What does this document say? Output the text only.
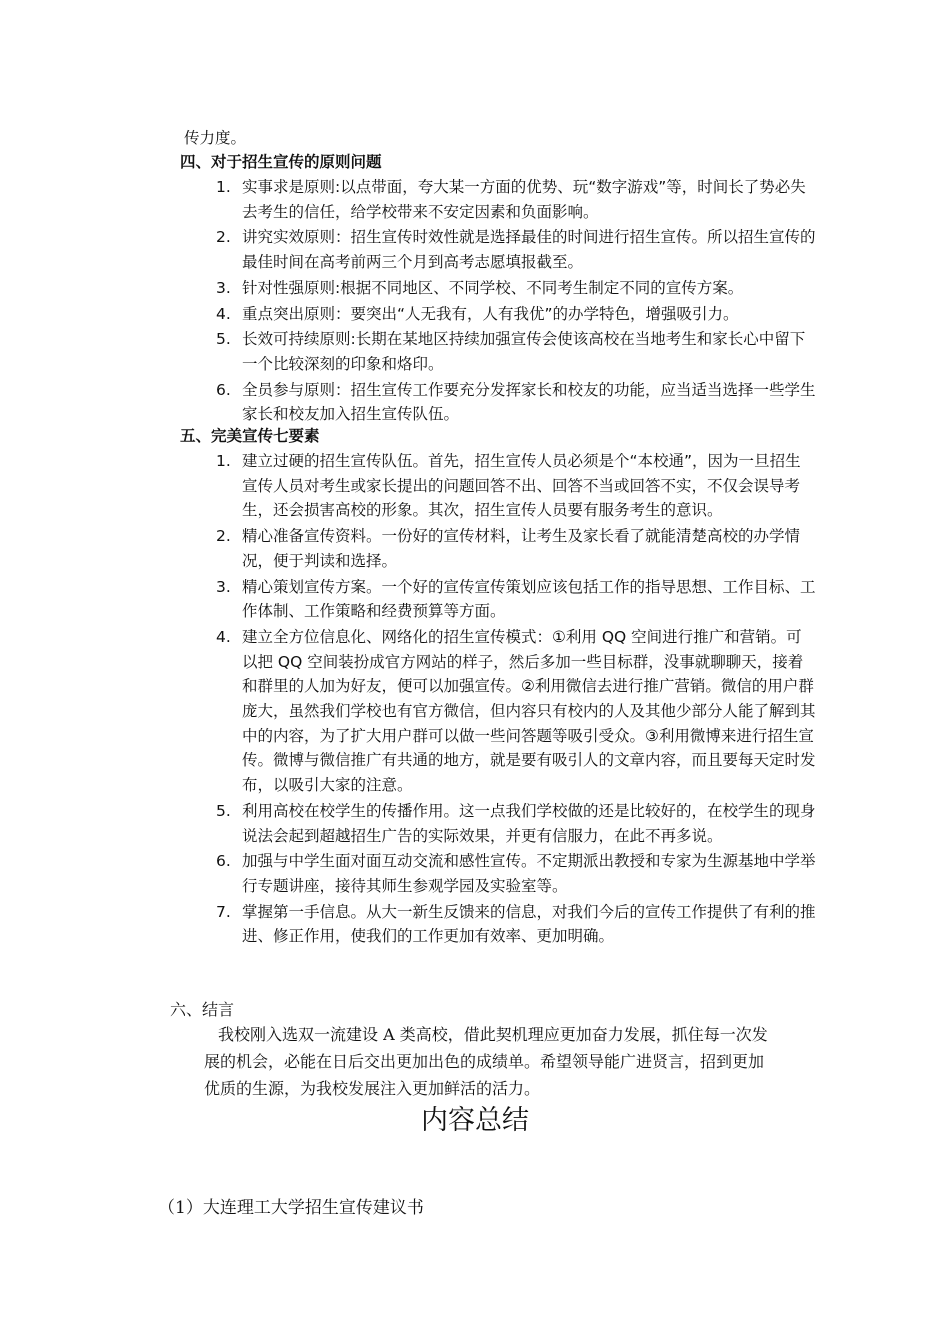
传力度。
四、对于招生宣传的原则问题
1. 实事求是原则:以点带面，夸大某一方面的优势、玩“数字游戏”等，时间长了势必失去考生的信任，给学校带来不安定因素和负面影响。
2. 讲究实效原则：招生宣传时效性就是选择最佳的时间进行招生宣传。所以招生宣传的最佳时间在高考前两三个月到高考志愿填报截至。
3. 针对性强原则:根据不同地区、不同学校、不同考生制定不同的宣传方案。
4. 重点突出原则：要突出“人无我有，人有我优”的办学特色，增强吸引力。
5. 长效可持续原则:长期在某地区持续加强宣传会使该高校在当地考生和家长心中留下一个比较深刻的印象和烙印。
6. 全员参与原则：招生宣传工作要充分发挥家长和校友的功能，应当适当选择一些学生家长和校友加入招生宣传队伍。
五、完美宣传七要素
1. 建立过硬的招生宣传队伍。首先，招生宣传人员必须是个“本校通”，因为一旦招生宣传人员对考生或家长提出的问题回答不出、回答不当或回答不实，不仅会误导考生，还会损害高校的形象。其次，招生宣传人员要有服务考生的意识。
2. 精心准备宣传资料。一份好的宣传材料，让考生及家长看了就能清楚高校的办学情况，便于判读和选择。
3. 精心策划宣传方案。一个好的宣传宣传策划应该包括工作的指导思想、工作目标、工作体制、工作策略和经费预算等方面。
4. 建立全方位信息化、网络化的招生宣传模式：①利用 QQ 空间进行推广和营销。可以把 QQ 空间装扮成官方网站的样子，然后多加一些目标群，没事就聊聊天，接着和群里的人加为好友，便可以加强宣传。②利用微信去进行推广营销。微信的用户群庞大，虽然我们学校也有官方微信，但内容只有校内的人及其他少部分人能了解到其中的内容，为了扩大用户群可以做一些问答题等吸引受众。③利用微博来进行招生宣传。微博与微信推广有共通的地方，就是要有吸引人的文章内容，而且要每天定时发布，以吸引大家的注意。
5. 利用高校在校学生的传播作用。这一点我们学校做的还是比较好的，在校学生的现身说法会起到超越招生广告的实际效果，并更有信服力，在此不再多说。
6. 加强与中学生面对面互动交流和感性宣传。不定期派出教授和专家为生源基地中学举行专题讲座，接待其师生参观学园及实验室等。
7. 掌握第一手信息。从大一新生反馈来的信息，对我们今后的宣传工作提供了有利的推进、修正作用，使我们的工作更加有效率、更加明确。
六、结言
我校刚入选双一流建设 A 类高校，借此契机理应更加奋力发展，抓住每一次发展的机会，必能在日后交出更加出色的成绩单。希望领导能广进贤言，招到更加优质的生源，为我校发展注入更加鲜活的活力。
内容总结
（1）大连理工大学招生宣传建议书
